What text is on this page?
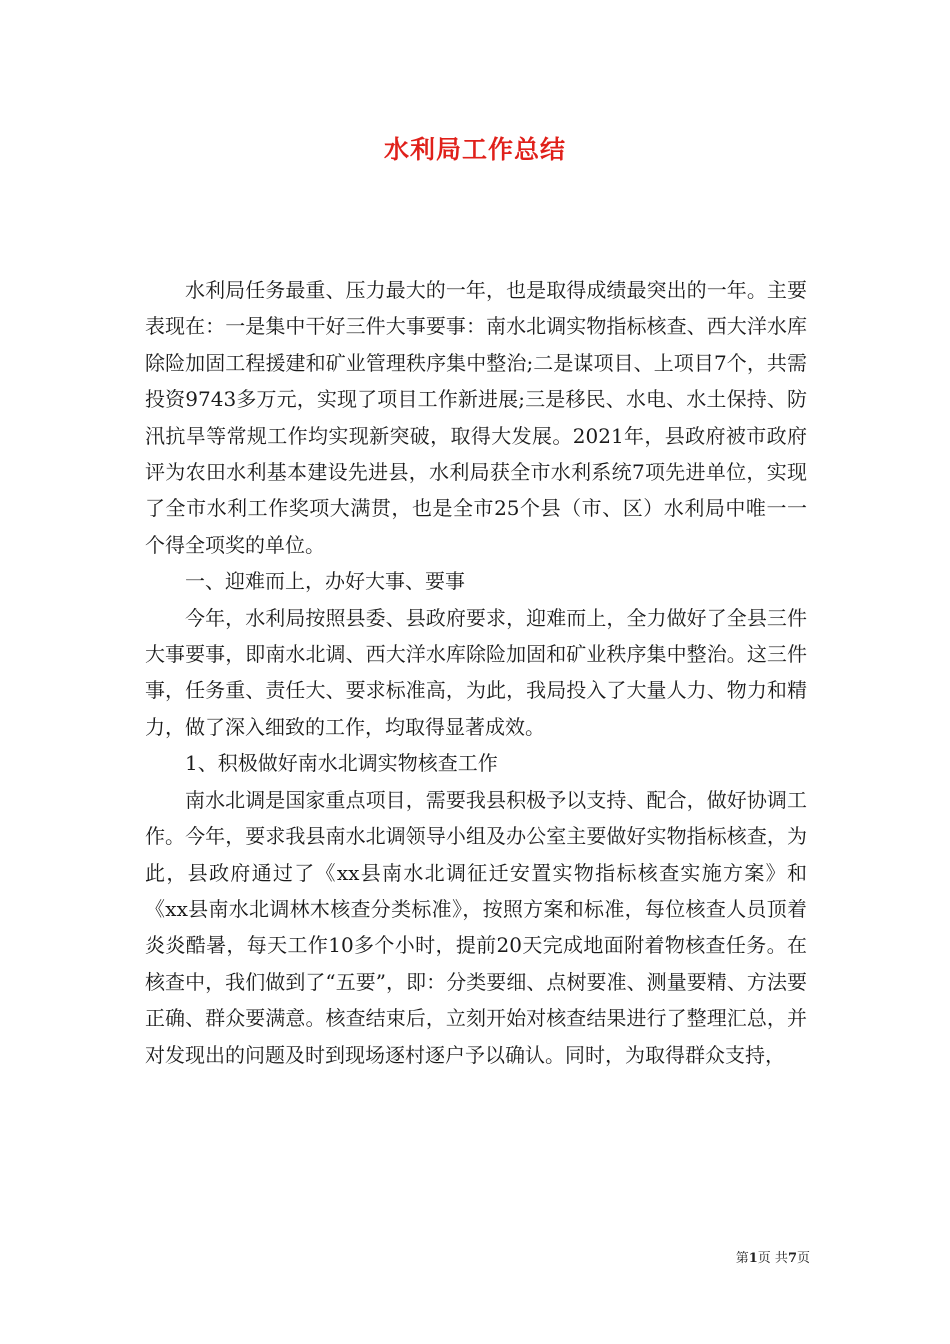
水利局工作总结

水利局任务最重、压力最大的一年，也是取得成绩最突出的一年。主要表现在：一是集中干好三件大事要事：南水北调实物指标核查、西大洋水库除险加固工程援建和矿业管理秩序集中整治;二是谋项目、上项目7个，共需投资9743多万元，实现了项目工作新进展;三是移民、水电、水土保持、防汛抗旱等常规工作均实现新突破，取得大发展。2021年，县政府被市政府评为农田水利基本建设先进县，水利局获全市水利系统7项先进单位，实现了全市水利工作奖项大满贯，也是全市25个县（市、区）水利局中唯一一个得全项奖的单位。

一、迎难而上，办好大事、要事

今年，水利局按照县委、县政府要求，迎难而上，全力做好了全县三件大事要事，即南水北调、西大洋水库除险加固和矿业秩序集中整治。这三件事，任务重、责任大、要求标准高，为此，我局投入了大量人力、物力和精力，做了深入细致的工作，均取得显著成效。

1、积极做好南水北调实物核查工作

南水北调是国家重点项目，需要我县积极予以支持、配合，做好协调工作。今年，要求我县南水北调领导小组及办公室主要做好实物指标核查，为此，县政府通过了《xx县南水北调征迁安置实物指标核查实施方案》和《xx县南水北调林木核查分类标准》，按照方案和标准，每位核查人员顶着炎炎酷暑，每天工作10多个小时，提前20天完成地面附着物核查任务。在核查中，我们做到了“五要”，即：分类要细、点树要准、测量要精、方法要正确、群众要满意。核查结束后，立刻开始对核查结果进行了整理汇总，并对发现出的问题及时到现场逐村逐户予以确认。同时，为取得群众支持，

第1页 共7页
